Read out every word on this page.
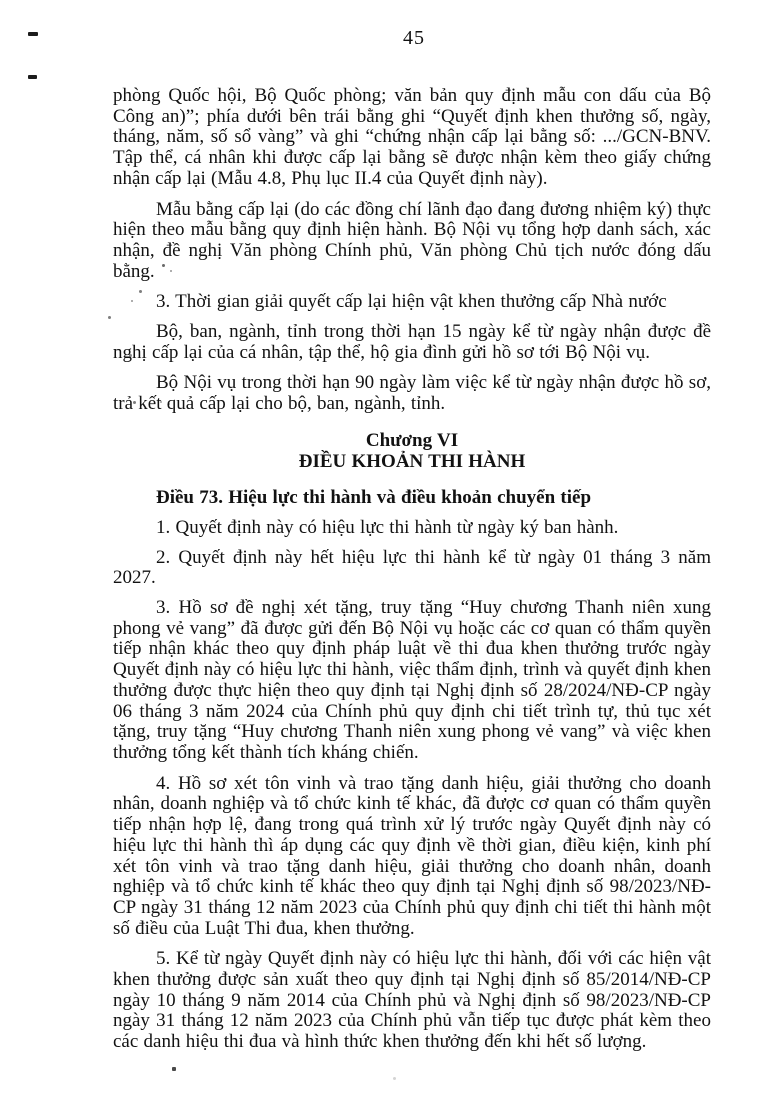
45

phòng Quốc hội, Bộ Quốc phòng; văn bản quy định mẫu con dấu của Bộ Công an)”; phía dưới bên trái bằng ghi “Quyết định khen thưởng số, ngày, tháng, năm, số sổ vàng” và ghi “chứng nhận cấp lại bằng số: .../GCN-BNV. Tập thể, cá nhân khi được cấp lại bằng sẽ được nhận kèm theo giấy chứng nhận cấp lại (Mẫu 4.8, Phụ lục II.4 của Quyết định này).

Mẫu bằng cấp lại (do các đồng chí lãnh đạo đang đương nhiệm ký) thực hiện theo mẫu bằng quy định hiện hành. Bộ Nội vụ tổng hợp danh sách, xác nhận, đề nghị Văn phòng Chính phủ, Văn phòng Chủ tịch nước đóng dấu bằng.

3. Thời gian giải quyết cấp lại hiện vật khen thưởng cấp Nhà nước

Bộ, ban, ngành, tỉnh trong thời hạn 15 ngày kể từ ngày nhận được đề nghị cấp lại của cá nhân, tập thể, hộ gia đình gửi hồ sơ tới Bộ Nội vụ.

Bộ Nội vụ trong thời hạn 90 ngày làm việc kể từ ngày nhận được hồ sơ, trả kết quả cấp lại cho bộ, ban, ngành, tỉnh.

Chương VI

ĐIỀU KHOẢN THI HÀNH

Điều 73. Hiệu lực thi hành và điều khoản chuyển tiếp

1. Quyết định này có hiệu lực thi hành từ ngày ký ban hành.

2. Quyết định này hết hiệu lực thi hành kể từ ngày 01 tháng 3 năm 2027.

3. Hồ sơ đề nghị xét tặng, truy tặng “Huy chương Thanh niên xung phong vẻ vang” đã được gửi đến Bộ Nội vụ hoặc các cơ quan có thẩm quyền tiếp nhận khác theo quy định pháp luật về thi đua khen thưởng trước ngày Quyết định này có hiệu lực thi hành, việc thẩm định, trình và quyết định khen thưởng được thực hiện theo quy định tại Nghị định số 28/2024/NĐ-CP ngày 06 tháng 3 năm 2024 của Chính phủ quy định chi tiết trình tự, thủ tục xét tặng, truy tặng “Huy chương Thanh niên xung phong vẻ vang” và việc khen thưởng tổng kết thành tích kháng chiến.

4. Hồ sơ xét tôn vinh và trao tặng danh hiệu, giải thưởng cho doanh nhân, doanh nghiệp và tổ chức kinh tế khác, đã được cơ quan có thẩm quyền tiếp nhận hợp lệ, đang trong quá trình xử lý trước ngày Quyết định này có hiệu lực thi hành thì áp dụng các quy định về thời gian, điều kiện, kinh phí xét tôn vinh và trao tặng danh hiệu, giải thưởng cho doanh nhân, doanh nghiệp và tổ chức kinh tế khác theo quy định tại Nghị định số 98/2023/NĐ-CP ngày 31 tháng 12 năm 2023 của Chính phủ quy định chi tiết thi hành một số điều của Luật Thi đua, khen thưởng.

5. Kể từ ngày Quyết định này có hiệu lực thi hành, đối với các hiện vật khen thưởng được sản xuất theo quy định tại Nghị định số 85/2014/NĐ-CP ngày 10 tháng 9 năm 2014 của Chính phủ và Nghị định số 98/2023/NĐ-CP ngày 31 tháng 12 năm 2023 của Chính phủ vẫn tiếp tục được phát kèm theo các danh hiệu thi đua và hình thức khen thưởng đến khi hết số lượng.
